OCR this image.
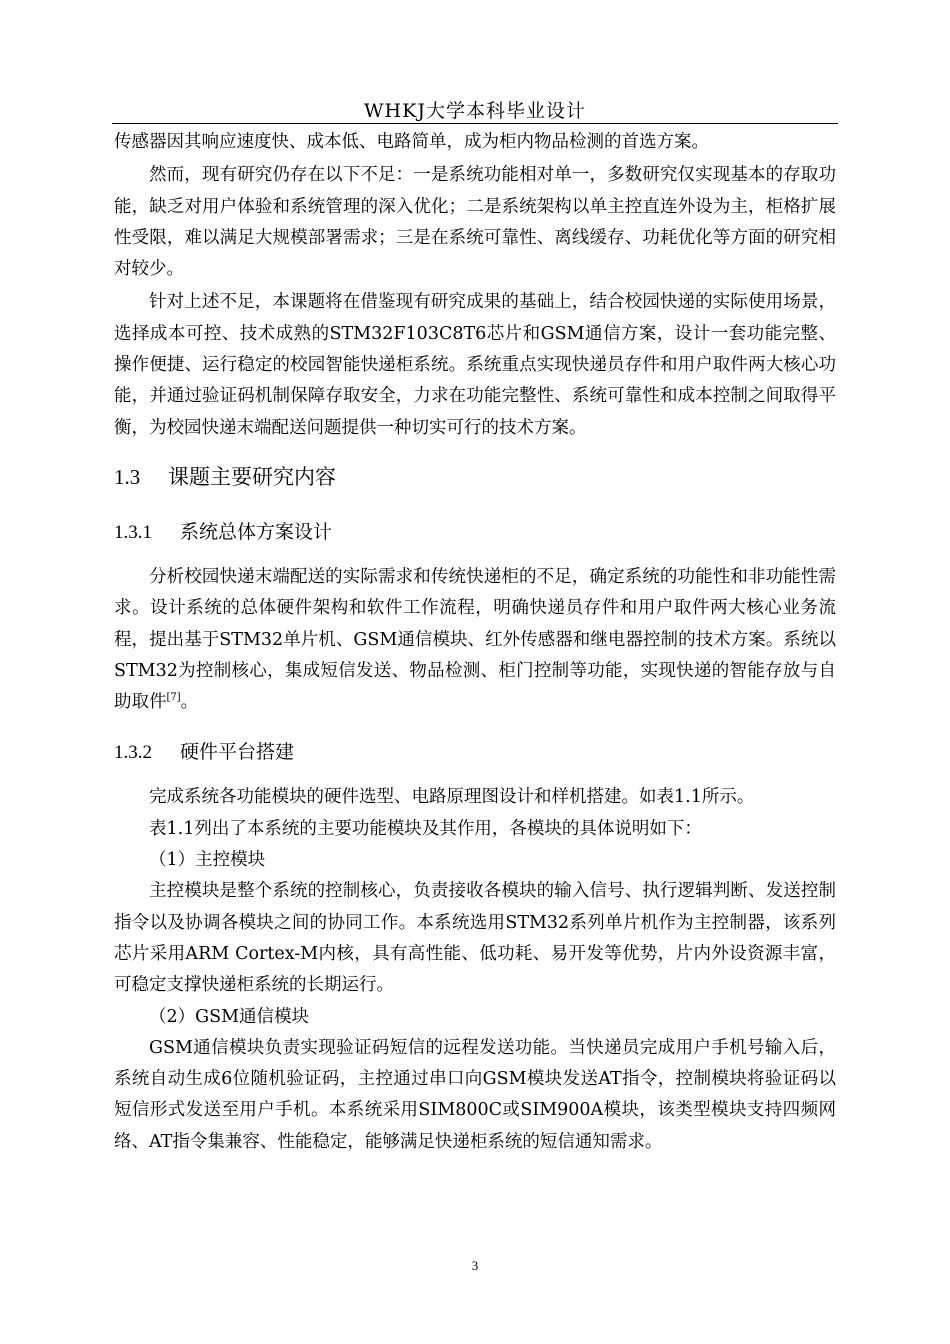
WHKJ大学本科毕业设计

传感器因其响应速度快、成本低、电路简单，成为柜内物品检测的首选方案。

然而，现有研究仍存在以下不足：一是系统功能相对单一，多数研究仅实现基本的存取功能，缺乏对用户体验和系统管理的深入优化；二是系统架构以单主控直连外设为主，柜格扩展性受限，难以满足大规模部署需求；三是在系统可靠性、离线缓存、功耗优化等方面的研究相对较少。

针对上述不足，本课题将在借鉴现有研究成果的基础上，结合校园快递的实际使用场景，选择成本可控、技术成熟的STM32F103C8T6芯片和GSM通信方案，设计一套功能完整、操作便捷、运行稳定的校园智能快递柜系统。系统重点实现快递员存件和用户取件两大核心功能，并通过验证码机制保障存取安全，力求在功能完整性、系统可靠性和成本控制之间取得平衡，为校园快递末端配送问题提供一种切实可行的技术方案。

1.3 课题主要研究内容
1.3.1 系统总体方案设计

分析校园快递末端配送的实际需求和传统快递柜的不足，确定系统的功能性和非功能性需求。设计系统的总体硬件架构和软件工作流程，明确快递员存件和用户取件两大核心业务流程，提出基于STM32单片机、GSM通信模块、红外传感器和继电器控制的技术方案。系统以STM32为控制核心，集成短信发送、物品检测、柜门控制等功能，实现快递的智能存放与自助取件[7]。

1.3.2 硬件平台搭建

完成系统各功能模块的硬件选型、电路原理图设计和样机搭建。如表1.1所示。

表1.1列出了本系统的主要功能模块及其作用，各模块的具体说明如下：

（1）主控模块

主控模块是整个系统的控制核心，负责接收各模块的输入信号、执行逻辑判断、发送控制指令以及协调各模块之间的协同工作。本系统选用STM32系列单片机作为主控制器，该系列芯片采用ARM Cortex-M内核，具有高性能、低功耗、易开发等优势，片内外设资源丰富，可稳定支撑快递柜系统的长期运行。

（2）GSM通信模块

GSM通信模块负责实现验证码短信的远程发送功能。当快递员完成用户手机号输入后，系统自动生成6位随机验证码，主控通过串口向GSM模块发送AT指令，控制模块将验证码以短信形式发送至用户手机。本系统采用SIM800C或SIM900A模块，该类型模块支持四频网络、AT指令集兼容、性能稳定，能够满足快递柜系统的短信通知需求。

3
